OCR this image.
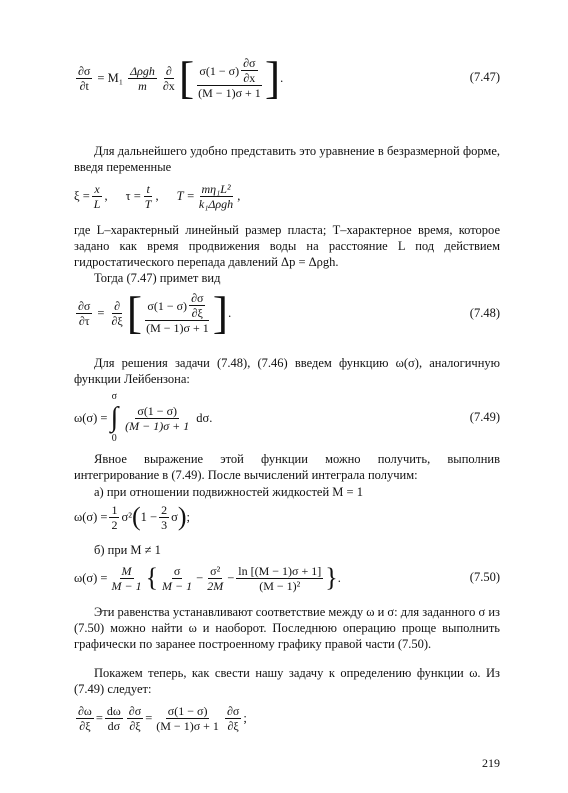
$\frac{\partial\sigma}{\partial t} = M_1 \frac{\text{Δρgh}}{m} \frac{\partial}{\partial x}$ [ $\frac{\sigma(1 - \sigma) \frac{\partial\sigma}{\partial x}}{(M - 1)\sigma + 1}$ ] .	(7.47)

Для дальнейшего удобно представить это уравнение в безразмерной форме, введя переменные

$\xi = \frac{x}{L}$ , $\tau = \frac{t}{T}$ , $T = \frac{\text{mη₁L²}}{\text{k₁Δρgh}}$ ,

где L–характерный линейный размер пласта; T–характерное время, которое задано как время продвижения воды на расстояние L под действием гидростатического перепада давлений Δp = Δρgh.

Тогда (7.47) примет вид

$\frac{\partial\sigma}{\partial\tau} = \frac{\partial}{\partial\xi}$ [ $\frac{\sigma(1 - \sigma) \frac{\partial\sigma}{\partial\xi}}{(M - 1)\sigma + 1}$ ] .	(7.48)

Для решения задачи (7.48), (7.46) введем функцию ω(σ), аналогичную функции Лейбензона:

ω(σ) =
σ
∫
0
$\frac{\sigma(1 - \sigma)}{(M - 1)\sigma + 1} d\sigma$.	(7.49)

Явное выражение этой функции можно получить, выполнив интегрирование в (7.49). После вычислений интеграла получим:

а) при отношении подвижностей жидкостей M = 1

$\omega(\sigma) = \frac{1}{2} \sigma^2$ ( $1 - \frac{2}{3}$ σ ) ;

б) при M ≠ 1

$\omega(\sigma) = \frac{M}{M - 1}$ { $\frac{\sigma}{M - 1} - \frac{\text{σ²}}{2M} - \frac{\ln [(M - 1)\sigma + 1]}{\text{(M − 1)²}}$ } .	(7.50)

Эти равенства устанавливают соответствие между ω и σ: для заданного σ из (7.50) можно найти ω и наоборот. Последнюю операцию проще выполнить графически по заранее построенному графику правой части (7.50).

Покажем теперь, как свести нашу задачу к определению функции ω. Из (7.49) следует:

$\frac{\partial\omega}{\partial\xi} = \frac{d\omega}{d\sigma} \frac{\partial\sigma}{\partial\xi} = \frac{\sigma(1 - \sigma)}{(M - 1)\sigma + 1} \frac{\partial\sigma}{\partial\xi}$ ;
219
